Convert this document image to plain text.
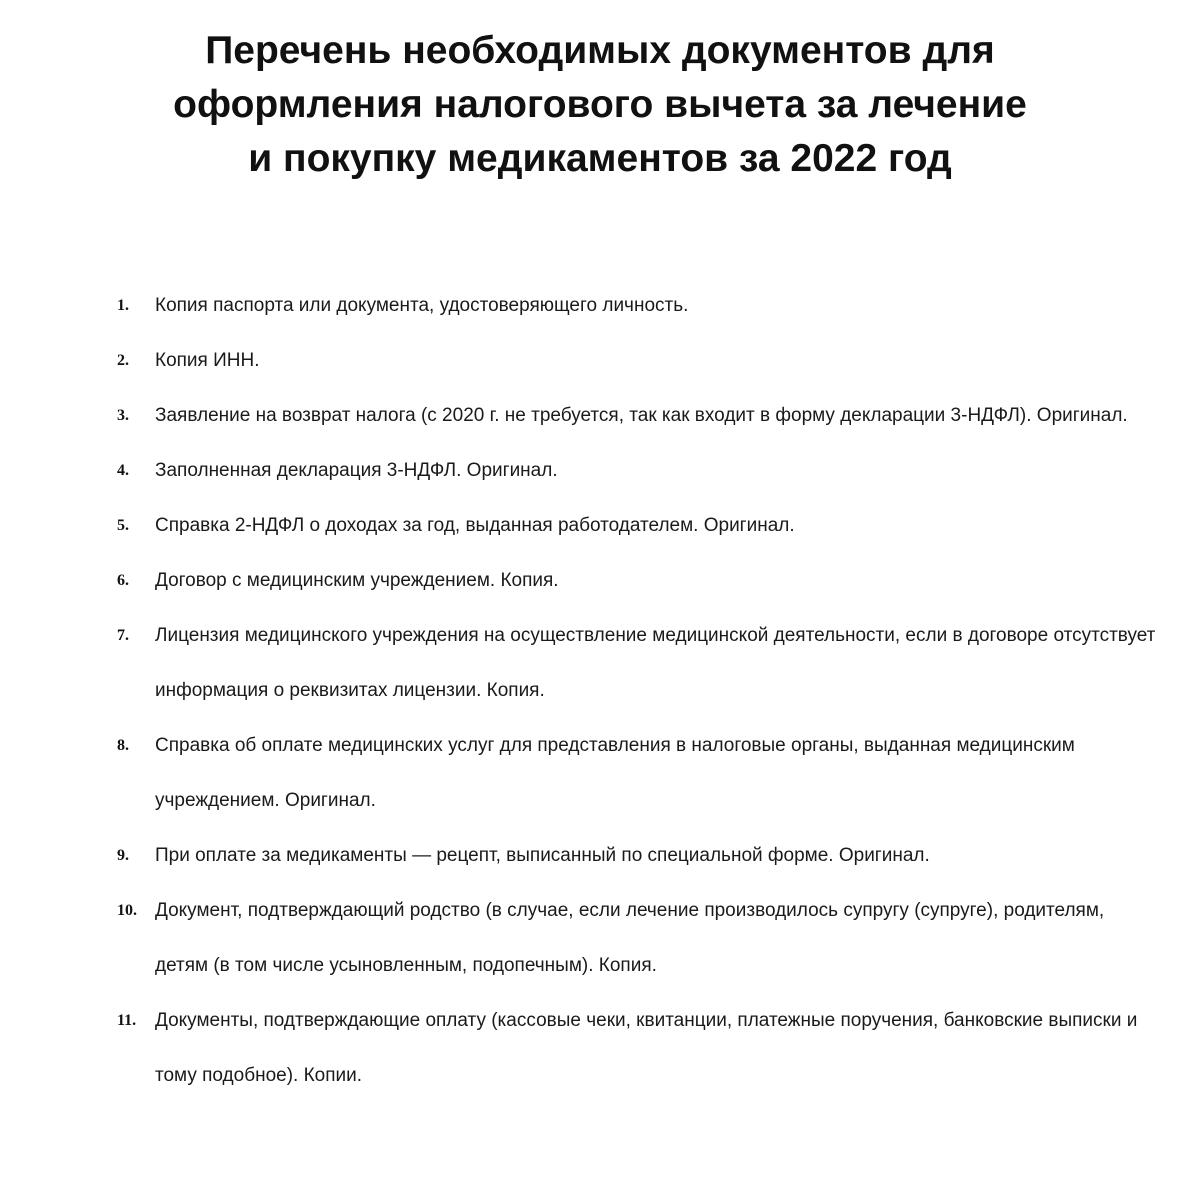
Перечень необходимых документов для
оформления налогового вычета за лечение
и покупку медикаментов за 2022 год
1. Копия паспорта или документа, удостоверяющего личность.
2. Копия ИНН.
3. Заявление на возврат налога (с 2020 г. не требуется, так как входит в форму декларации 3-НДФЛ). Оригинал.
4. Заполненная декларация 3-НДФЛ. Оригинал.
5. Справка 2-НДФЛ о доходах за год, выданная работодателем. Оригинал.
6. Договор с медицинским учреждением. Копия.
7. Лицензия медицинского учреждения на осуществление медицинской деятельности, если в договоре отсутствует информация о реквизитах лицензии. Копия.
8. Справка об оплате медицинских услуг для представления в налоговые органы, выданная медицинским учреждением. Оригинал.
9. При оплате за медикаменты — рецепт, выписанный по специальной форме. Оригинал.
10. Документ, подтверждающий родство (в случае, если лечение производилось супругу (супруге), родителям, детям (в том числе усыновленным, подопечным). Копия.
11. Документы, подтверждающие оплату (кассовые чеки, квитанции, платежные поручения, банковские выписки и тому подобное). Копии.
